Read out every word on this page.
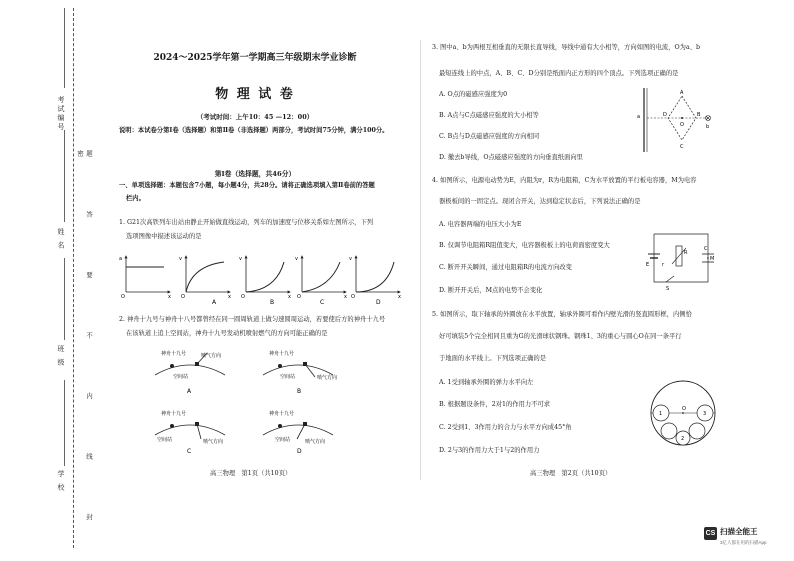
考试编号
姓 名
班 级
学 校	题 答 要 不 内 线 封 密
2024～2025学年第一学期高三年级期末学业诊断
物 理 试 卷
（考试时间：上午10：45 —12：00）
说明：本试卷分第Ⅰ卷（选择题）和第Ⅱ卷（非选择题）两部分，考试时间75分钟，满分100分。
第Ⅰ卷（选择题，共46分）
一、单项选择题：本题包含7小题，每小题4分，共28分。请将正确选项填入第Ⅱ卷前的答题
栏内。
1. G21次高铁列车出站由静止开始做直线运动，列车的加速度与位移关系如左图所示，下列
选项图像中描述该运动的是
a
O	x
v
O	x
A
v
O	x
B
v
O	x
C
v
O	x
D
2. 神舟十九号与神舟十八号都曾经在同一圆周轨道上做匀速圆周运动，若要使后方的神舟十九号
在该轨道上追上空间站，神舟十九号发动机喷射燃气的方向可能正确的是
神舟十九号
空间站
喷气方向
A
神舟十九号
空间站	喷气方向
B
神舟十九号
空间站	喷气方向
C
神舟十九号
空间站	喷气方向
D
高三物理　第1页（共10页）
3. 图中a、b为两根互相垂直的无限长直导线，导线中通有大小相等，方向如图的电流，O为a、b
最短连线上的中点，A、B、C、D分别是纸面内正方形的四个顶点。下列选项正确的是
A. O点的磁感应强度为0
B. A点与C点磁感应强度的大小相等
C. B点与D点磁感应强度的方向相同
D. 撤去b导线，O点磁感应强度的方向垂直纸面向里
a
A
B
D
C
O	b
4. 如图所示，电源电动势为E，内阻为r，R为电阻箱，C为水平放置的平行板电容器，M为电容
器极板间的一固定点。现闭合开关，达到稳定状态后，下列说法正确的是
A. 电容器两端的电压大小为E
B. 仅调节电阻箱R阻值变大，电容器极板上的电荷面密度变大
C. 断开开关瞬间，通过电阻箱R的电流方向改变
D. 断开开关后，M点的电势不会变化
E	r
R
C
M
S
5. 如图所示，取下轴承的外圈放在水平放置，轴承外圈可看作内壁光滑的竖直圆形框，内侧恰
好可填装5个完全相同且重为G的光滑球状钢珠。钢珠1、3的重心与圆心O在同一条平行
于地面的水平线上。下列选项正确的是
A. 1受到轴承外圈的弹力水平向左
B. 根据题设条件，2对1的作用力不可求
C. 2受到1、3作用力的合力与水平方向成45°角
D. 2与3的作用力大于1与2的作用力
O
1
2
3
高三物理　第2页（共10页）
CS 扫描全能王
3亿人都在用的扫描App
